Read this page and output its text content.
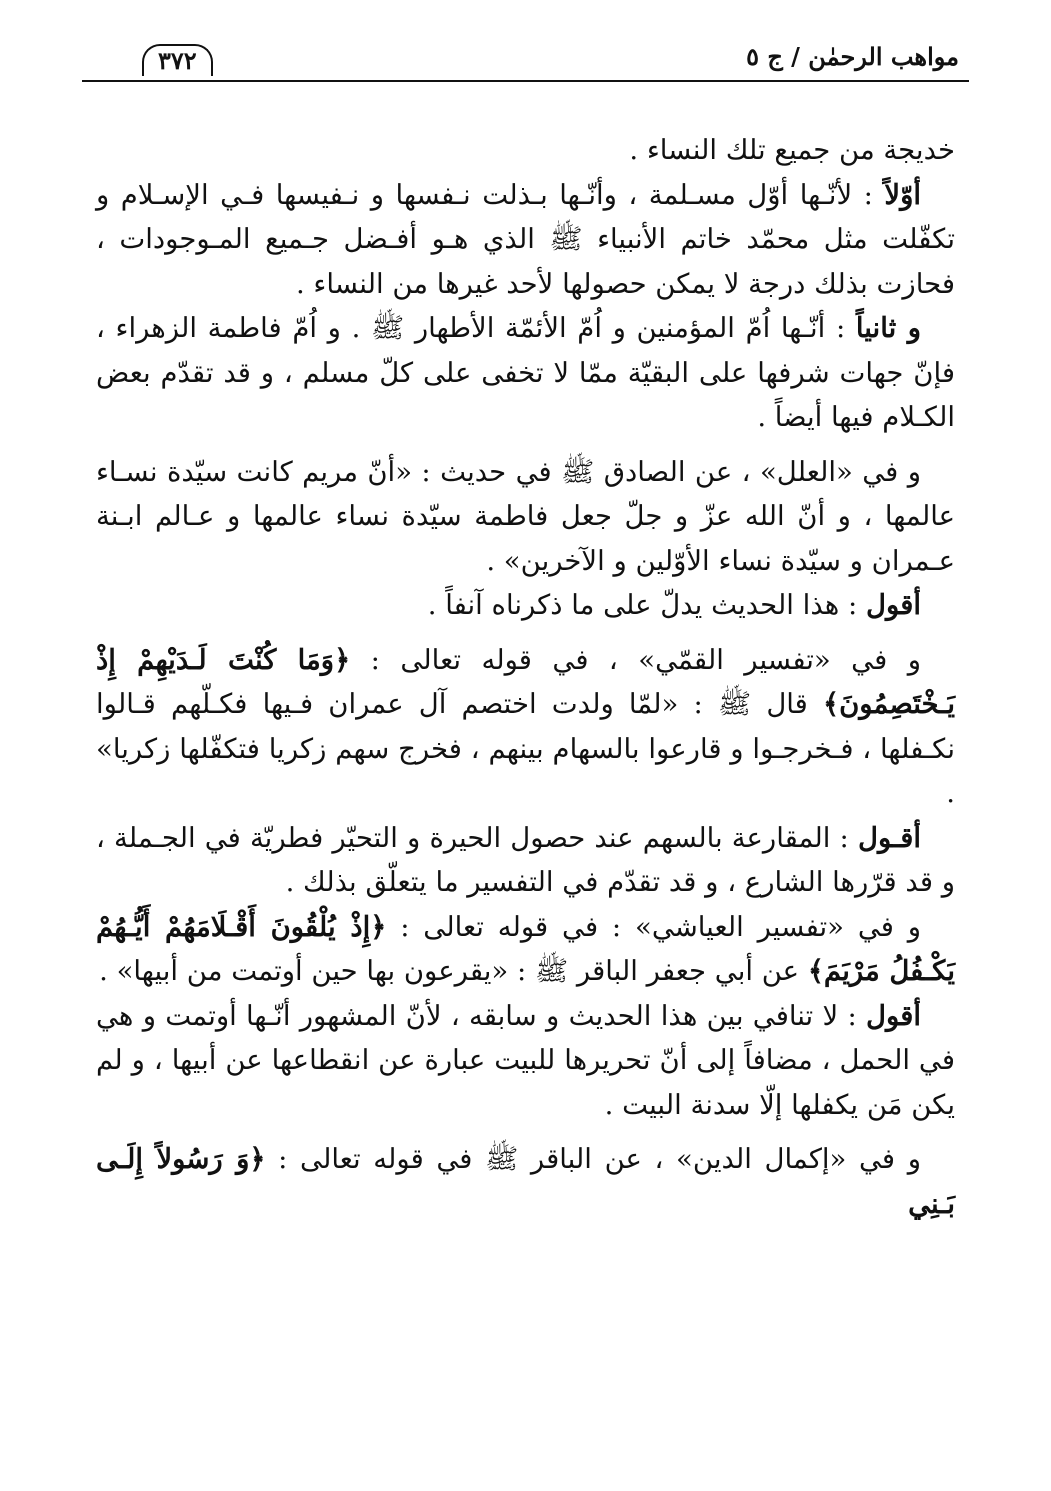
مواهب الرحمٰن / ج ٥
٣٧٢

خديجة من جميع تلك النساء .

أوّلاً : لأنّـها أوّل مسـلمة ، وأنّـها بـذلت نـفسها و نـفيسها فـي الإسـلام و تكفّلت مثل محمّد خاتم الأنبياء ﷺ الذي هـو أفـضل جـميع المـوجودات ، فحازت بذلك درجة لا يمكن حصولها لأحد غيرها من النساء .

و ثانياً : أنّـها اُمّ المؤمنين و اُمّ الأئمّة الأطهار ﷺ . و اُمّ فاطمة الزهراء ، فإنّ جهات شرفها على البقيّة ممّا لا تخفى على كلّ مسلم ، و قد تقدّم بعض الكـلام فيها أيضاً .

و في «العلل» ، عن الصادق ﷺ في حديث : «أنّ مريم كانت سيّدة نسـاء عالمها ، و أنّ الله عزّ و جلّ جعل فاطمة سيّدة نساء عالمها و عـالم ابـنة عـمران و سيّدة نساء الأوّلين و الآخرين» .

أقول : هذا الحديث يدلّ على ما ذكرناه آنفاً .

و في «تفسير القمّي» ، في قوله تعالى : ﴿وَمَا كُنْتَ لَـدَيْهِمْ إِذْ يَـخْتَصِمُونَ﴾ قال ﷺ : «لمّا ولدت اختصم آل عمران فـيها فكـلّهم قـالوا نكـفلها ، فـخرجـوا و قارعوا بالسهام بينهم ، فخرج سهم زكريا فتكفّلها زكريا» .

أقـول : المقارعة بالسهم عند حصول الحيرة و التحيّر فطريّة في الجـملة ، و قد قرّرها الشارع ، و قد تقدّم في التفسير ما يتعلّق بذلك .

و في «تفسير العياشي» : في قوله تعالى : ﴿إِذْ يُلْقُونَ أَقْـلَامَهُمْ أَيُّـهُمْ يَكْـفُلُ مَرْيَمَ﴾ عن أبي جعفر الباقر ﷺ : «يقرعون بها حين أوتمت من أبيها» .

أقول : لا تنافي بين هذا الحديث و سابقه ، لأنّ المشهور أنّـها أوتمت و هي في الحمل ، مضافاً إلى أنّ تحريرها للبيت عبارة عن انقطاعها عن أبيها ، و لم يكن مَن يكفلها إلّا سدنة البيت .

و في «إكمال الدين» ، عن الباقر ﷺ في قوله تعالى : ﴿وَ رَسُولاً إِلَـى بَـنِي
